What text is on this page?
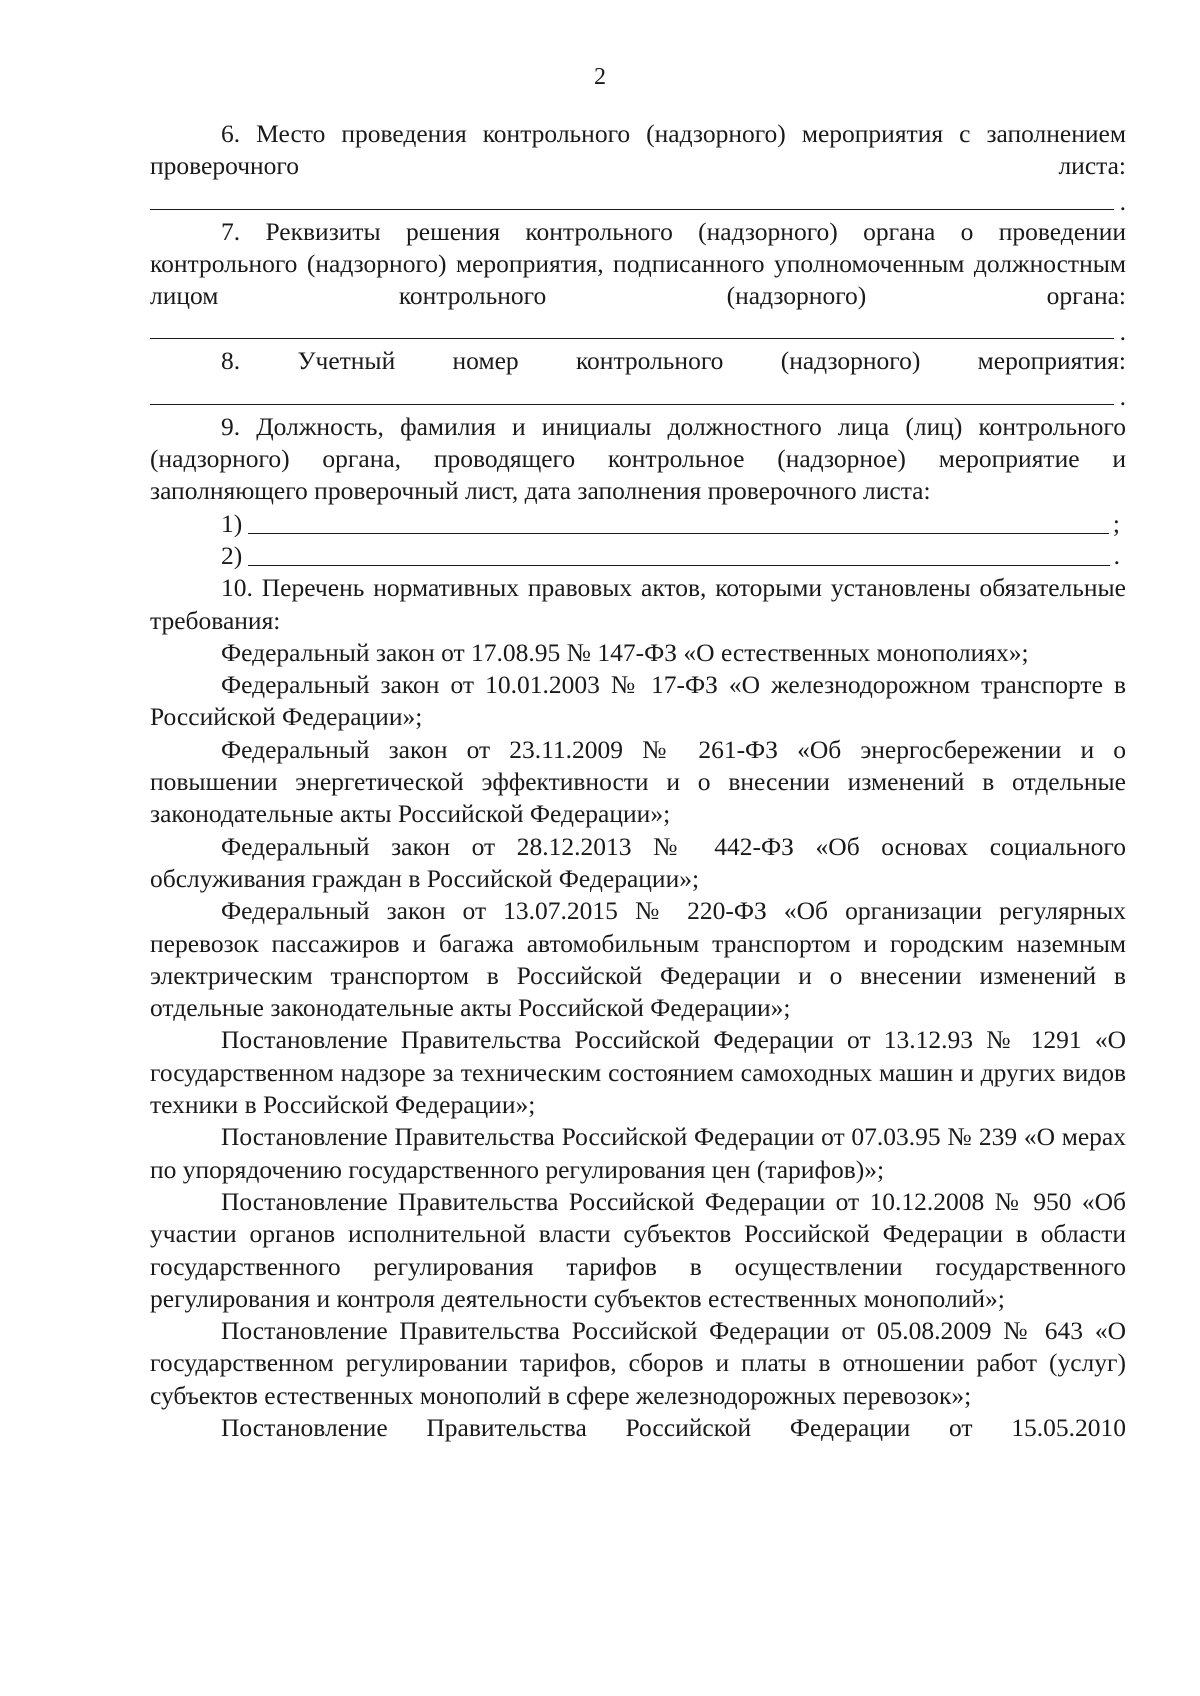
2

6. Место проведения контрольного (надзорного) мероприятия с заполнением проверочного листа:

.

7. Реквизиты решения контрольного (надзорного) органа о проведении контрольного (надзорного) мероприятия, подписанного уполномоченным должностным лицом контрольного (надзорного) органа:

.

8. Учетный номер контрольного (надзорного) мероприятия:

.

9. Должность, фамилия и инициалы должностного лица (лиц) контрольного (надзорного) органа, проводящего контрольное (надзорное) мероприятие и заполняющего проверочный лист, дата заполнения проверочного листа:

1)	;
2)	.

10. Перечень нормативных правовых актов, которыми установлены обязательные требования:

Федеральный закон от 17.08.95 № 147-ФЗ «О естественных монополиях»;

Федеральный закон от 10.01.2003 № 17-ФЗ «О железнодорожном транспорте в Российской Федерации»;

Федеральный закон от 23.11.2009 № 261-ФЗ «Об энергосбережении и о повышении энергетической эффективности и о внесении изменений в отдельные законодательные акты Российской Федерации»;

Федеральный закон от 28.12.2013 № 442-ФЗ «Об основах социального обслуживания граждан в Российской Федерации»;

Федеральный закон от 13.07.2015 № 220-ФЗ «Об организации регулярных перевозок пассажиров и багажа автомобильным транспортом и городским наземным электрическим транспортом в Российской Федерации и о внесении изменений в отдельные законодательные акты Российской Федерации»;

Постановление Правительства Российской Федерации от 13.12.93 № 1291 «О государственном надзоре за техническим состоянием самоходных машин и других видов техники в Российской Федерации»;

Постановление Правительства Российской Федерации от 07.03.95 № 239 «О мерах по упорядочению государственного регулирования цен (тарифов)»;

Постановление Правительства Российской Федерации от 10.12.2008 № 950 «Об участии органов исполнительной власти субъектов Российской Федерации в области государственного регулирования тарифов в осуществлении государственного регулирования и контроля деятельности субъектов естественных монополий»;

Постановление Правительства Российской Федерации от 05.08.2009 № 643 «О государственном регулировании тарифов, сборов и платы в отношении работ (услуг) субъектов естественных монополий в сфере железнодорожных перевозок»;

Постановление Правительства Российской Федерации от 15.05.2010
